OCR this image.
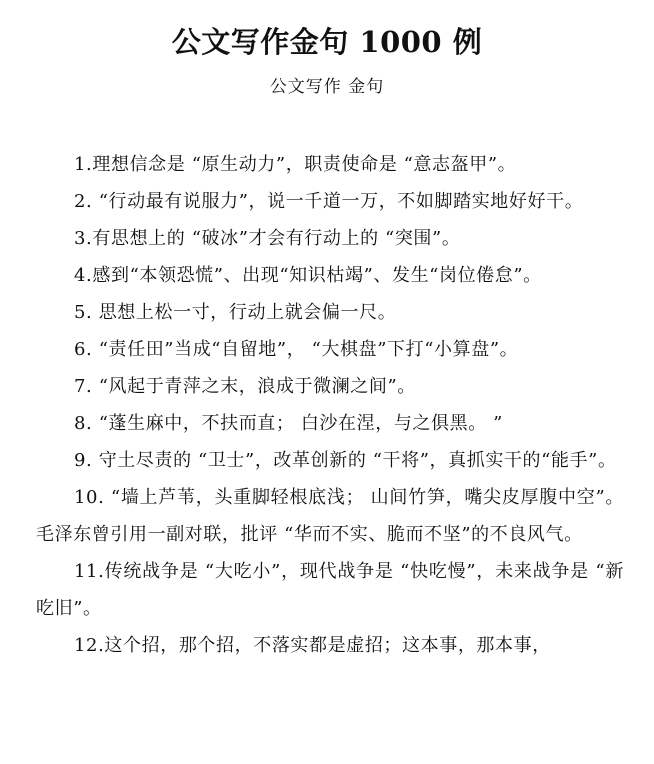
公文写作金句 1000 例
公文写作 金句

1.理想信念是 “原生动力”，职责使命是 “意志盔甲”。

2. “行动最有说服力”，说一千道一万，不如脚踏实地好好干。

3.有思想上的 “破冰”才会有行动上的 “突围”。

4.感到“本领恐慌”、出现“知识枯竭”、发生“岗位倦怠”。

5. 思想上松一寸，行动上就会偏一尺。

6. “责任田”当成“自留地”， “大棋盘”下打“小算盘”。

7. “风起于青萍之末，浪成于微澜之间”。

8. “蓬生麻中，不扶而直； 白沙在涅，与之俱黑。 ”

9. 守土尽责的 “卫士”，改革创新的 “干将”，真抓实干的“能手”。

10. “墙上芦苇，头重脚轻根底浅； 山间竹笋，嘴尖皮厚腹中空”。毛泽东曾引用一副对联，批评 “华而不实、脆而不坚”的不良风气。

11.传统战争是 “大吃小”，现代战争是 “快吃慢”，未来战争是 “新吃旧”。

12.这个招，那个招，不落实都是虚招；这本事，那本事，
